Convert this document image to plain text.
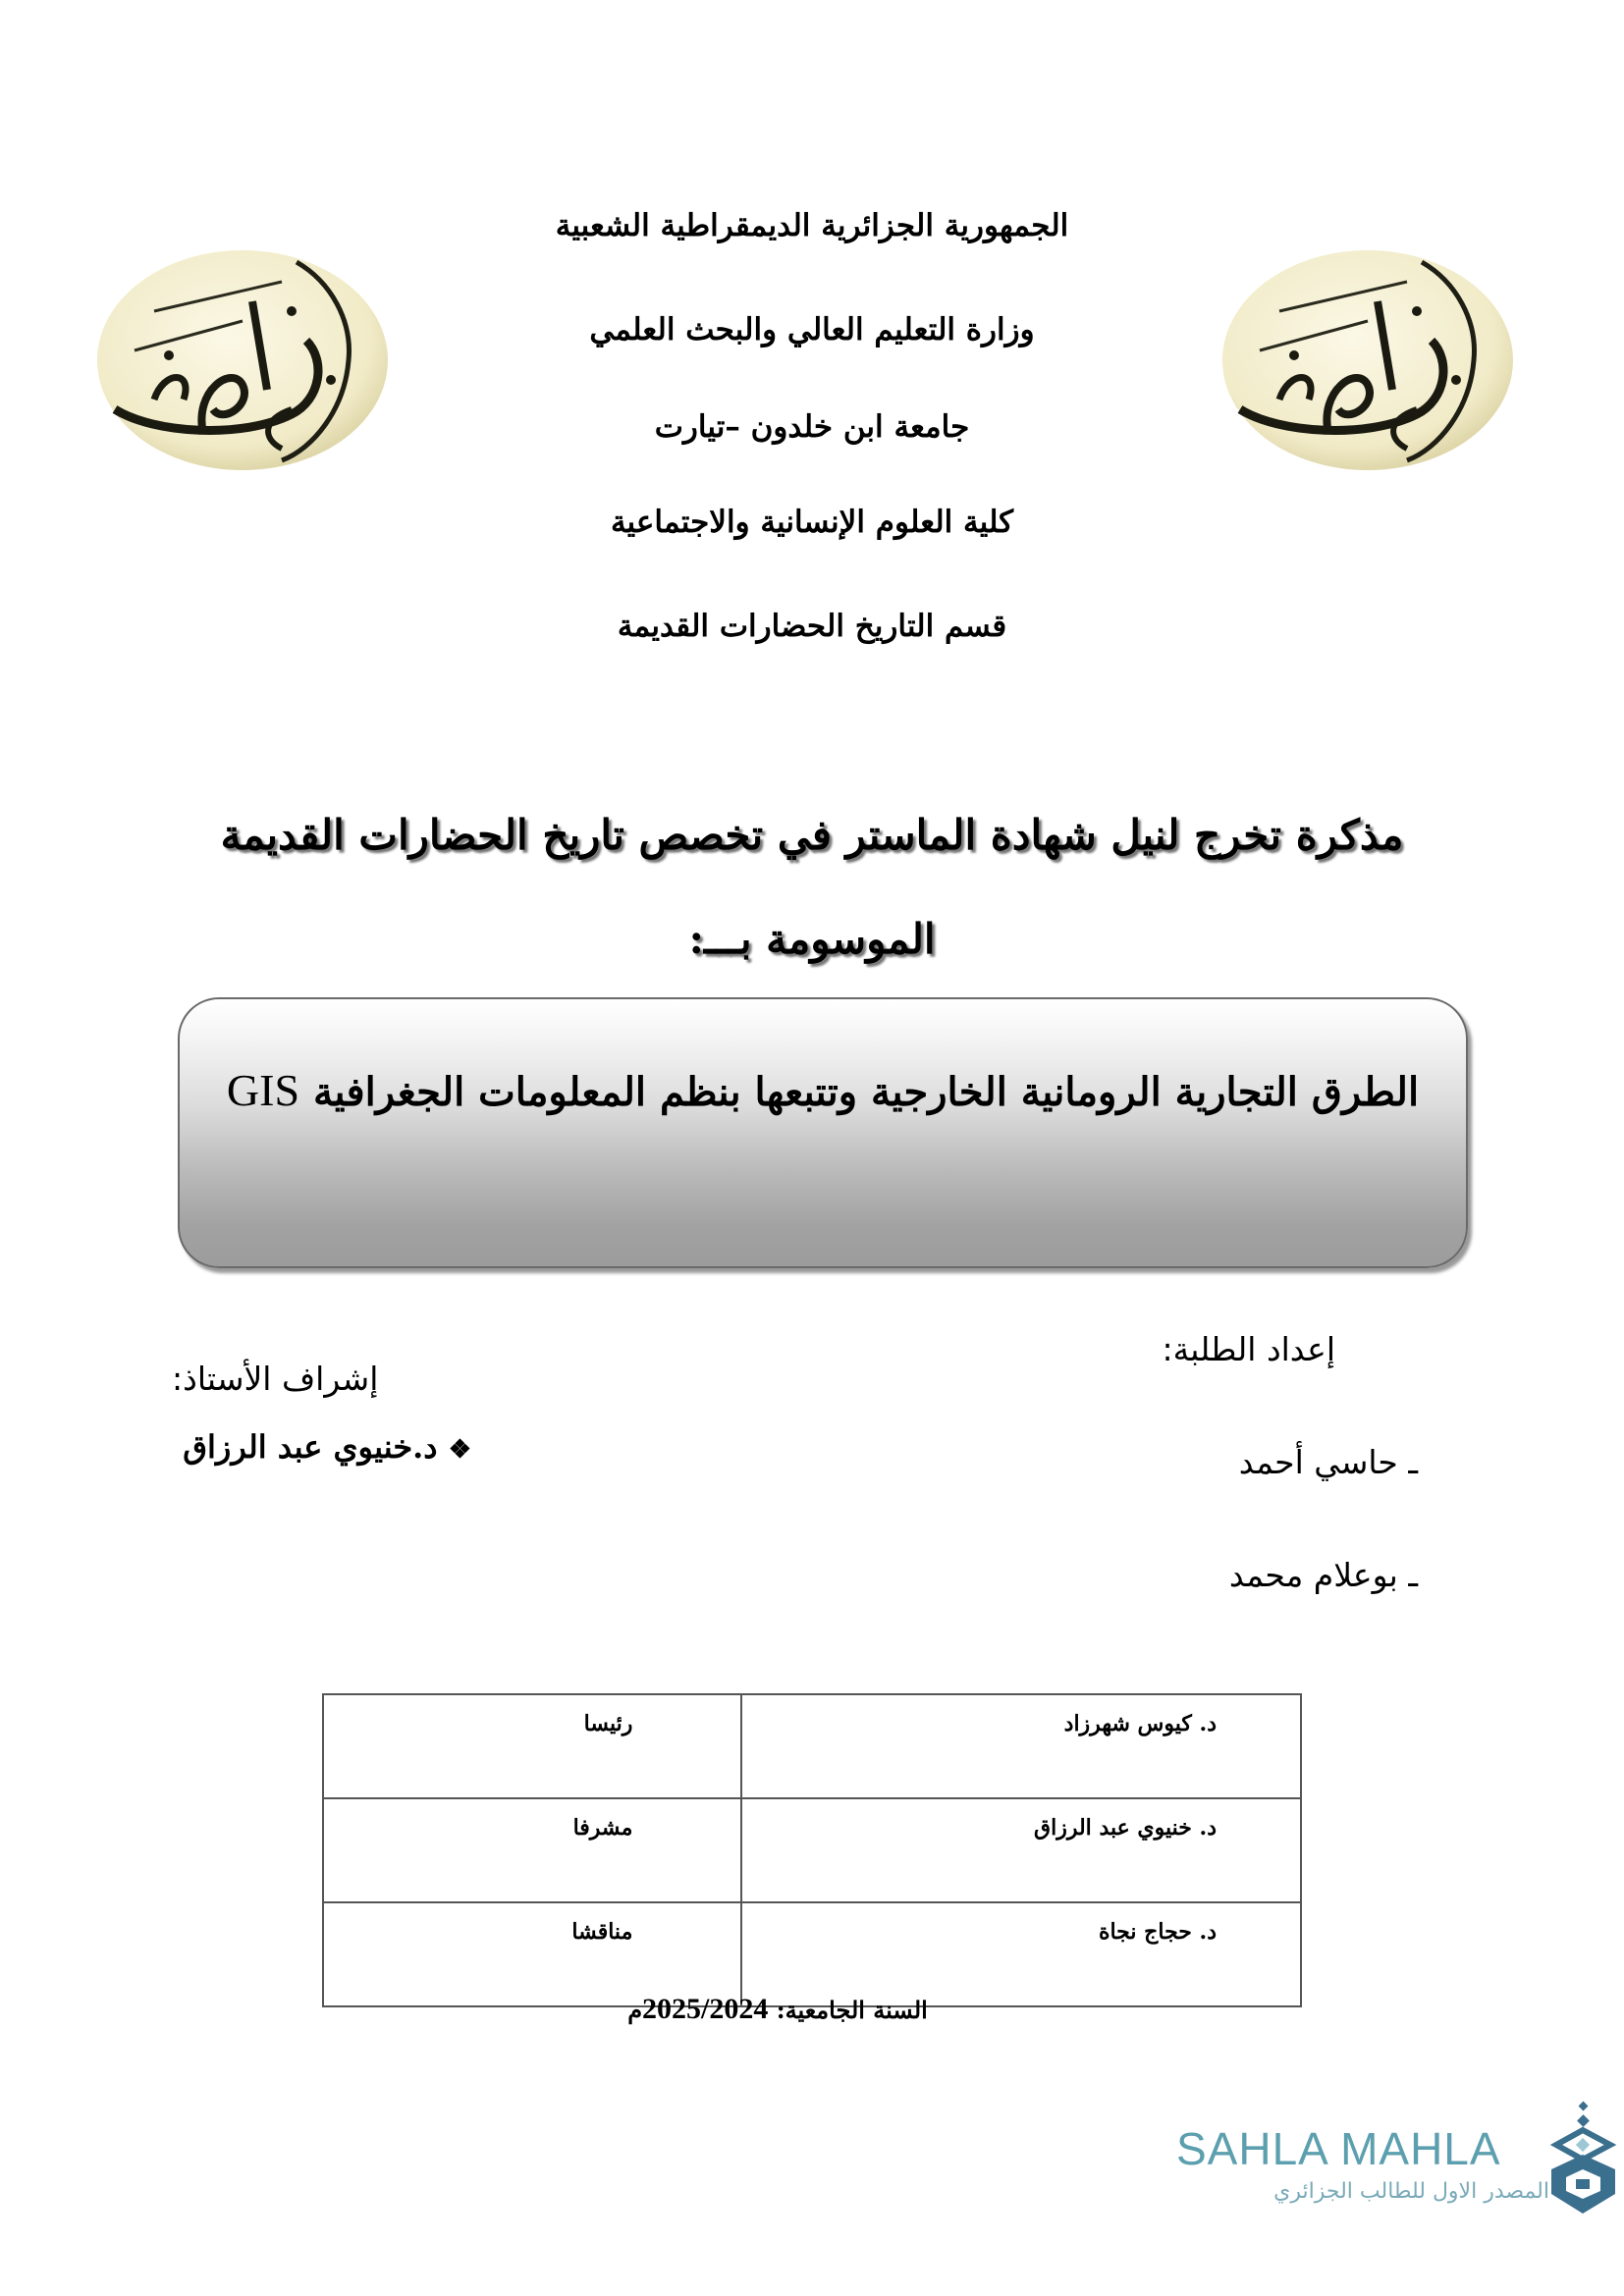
الجمهورية الجزائرية الديمقراطية الشعبية
وزارة التعليم العالي والبحث العلمي
جامعة ابن خلدون –تيارت
كلية العلوم الإنسانية والاجتماعية
قسم التاريخ الحضارات القديمة
مذكرة تخرج لنيل شهادة الماستر في تخصص تاريخ الحضارات القديمة
الموسومة بـــ:
الطرق التجارية الرومانية الخارجية وتتبعها بنظم المعلومات الجغرافية GIS
إعداد الطلبة:
ـ حاسي أحمد
ـ بوعلام محمد
إشراف الأستاذ:
❖ د.خنيوي عبد الرزاق
د. كيوس شهرزاد	رئيسا
د. خنيوي عبد الرزاق	مشرفا
د. حجاج نجاة	مناقشا
السنة الجامعية: 2025/2024م
SAHLA MAHLA
المصدر الاول للطالب الجزائري
